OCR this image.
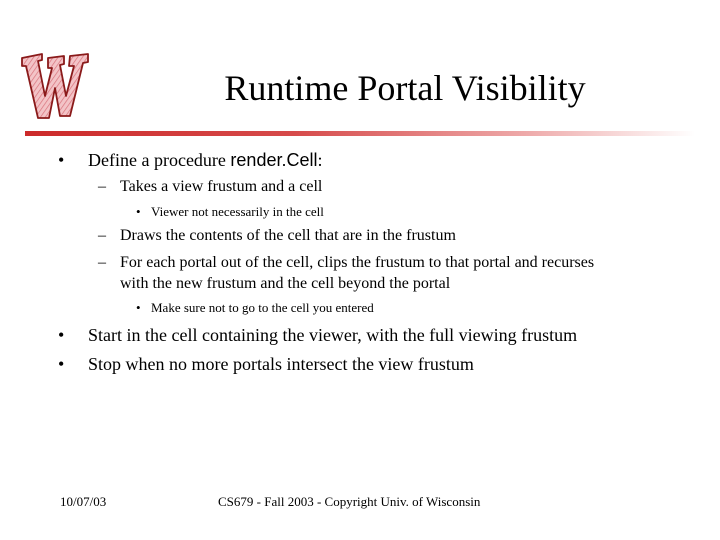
Runtime Portal Visibility
• Define a procedure render.Cell:
– Takes a view frustum and a cell
• Viewer not necessarily in the cell
– Draws the contents of the cell that are in the frustum
– For each portal out of the cell, clips the frustum to that portal and recurses
with the new frustum and the cell beyond the portal
• Make sure not to go to the cell you entered
• Start in the cell containing the viewer, with the full viewing frustum
• Stop when no more portals intersect the view frustum
10/07/03	CS679 - Fall 2003 - Copyright Univ. of Wisconsin
